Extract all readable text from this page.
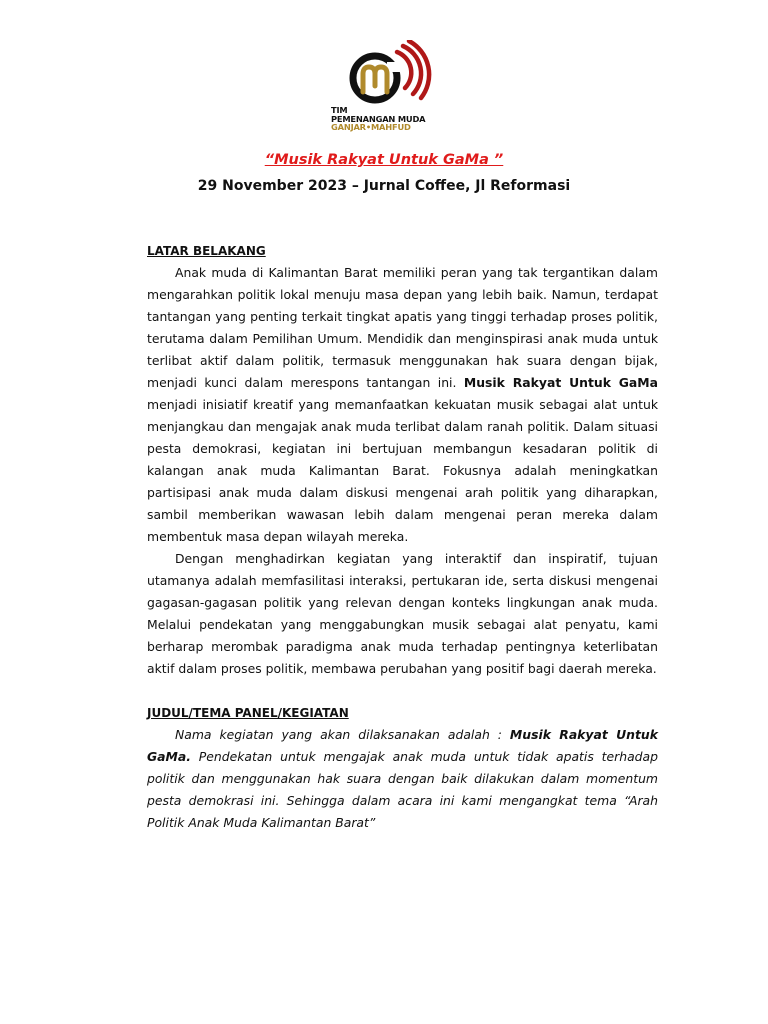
TIM
PEMENANGAN MUDA
GANJAR•MAHFUD
“Musik Rakyat Untuk GaMa ”

29 November 2023 – Jurnal Coffee, Jl Reformasi

LATAR BELAKANG

Anak muda di Kalimantan Barat memiliki peran yang tak tergantikan dalam mengarahkan politik lokal menuju masa depan yang lebih baik. Namun, terdapat tantangan yang penting terkait tingkat apatis yang tinggi terhadap proses politik, terutama dalam Pemilihan Umum. Mendidik dan menginspirasi anak muda untuk terlibat aktif dalam politik, termasuk menggunakan hak suara dengan bijak, menjadi kunci dalam merespons tantangan ini. Musik Rakyat Untuk GaMa menjadi inisiatif kreatif yang memanfaatkan kekuatan musik sebagai alat untuk menjangkau dan mengajak anak muda terlibat dalam ranah politik. Dalam situasi pesta demokrasi, kegiatan ini bertujuan membangun kesadaran politik di kalangan anak muda Kalimantan Barat. Fokusnya adalah meningkatkan partisipasi anak muda dalam diskusi mengenai arah politik yang diharapkan, sambil memberikan wawasan lebih dalam mengenai peran mereka dalam membentuk masa depan wilayah mereka.

Dengan menghadirkan kegiatan yang interaktif dan inspiratif, tujuan utamanya adalah memfasilitasi interaksi, pertukaran ide, serta diskusi mengenai gagasan-gagasan politik yang relevan dengan konteks lingkungan anak muda. Melalui pendekatan yang menggabungkan musik sebagai alat penyatu, kami berharap merombak paradigma anak muda terhadap pentingnya keterlibatan aktif dalam proses politik, membawa perubahan yang positif bagi daerah mereka.

JUDUL/TEMA PANEL/KEGIATAN

Nama kegiatan yang akan dilaksanakan adalah : Musik Rakyat Untuk GaMa. Pendekatan untuk mengajak anak muda untuk tidak apatis terhadap politik dan menggunakan hak suara dengan baik dilakukan dalam momentum pesta demokrasi ini. Sehingga dalam acara ini kami mengangkat tema “Arah Politik Anak Muda Kalimantan Barat”
